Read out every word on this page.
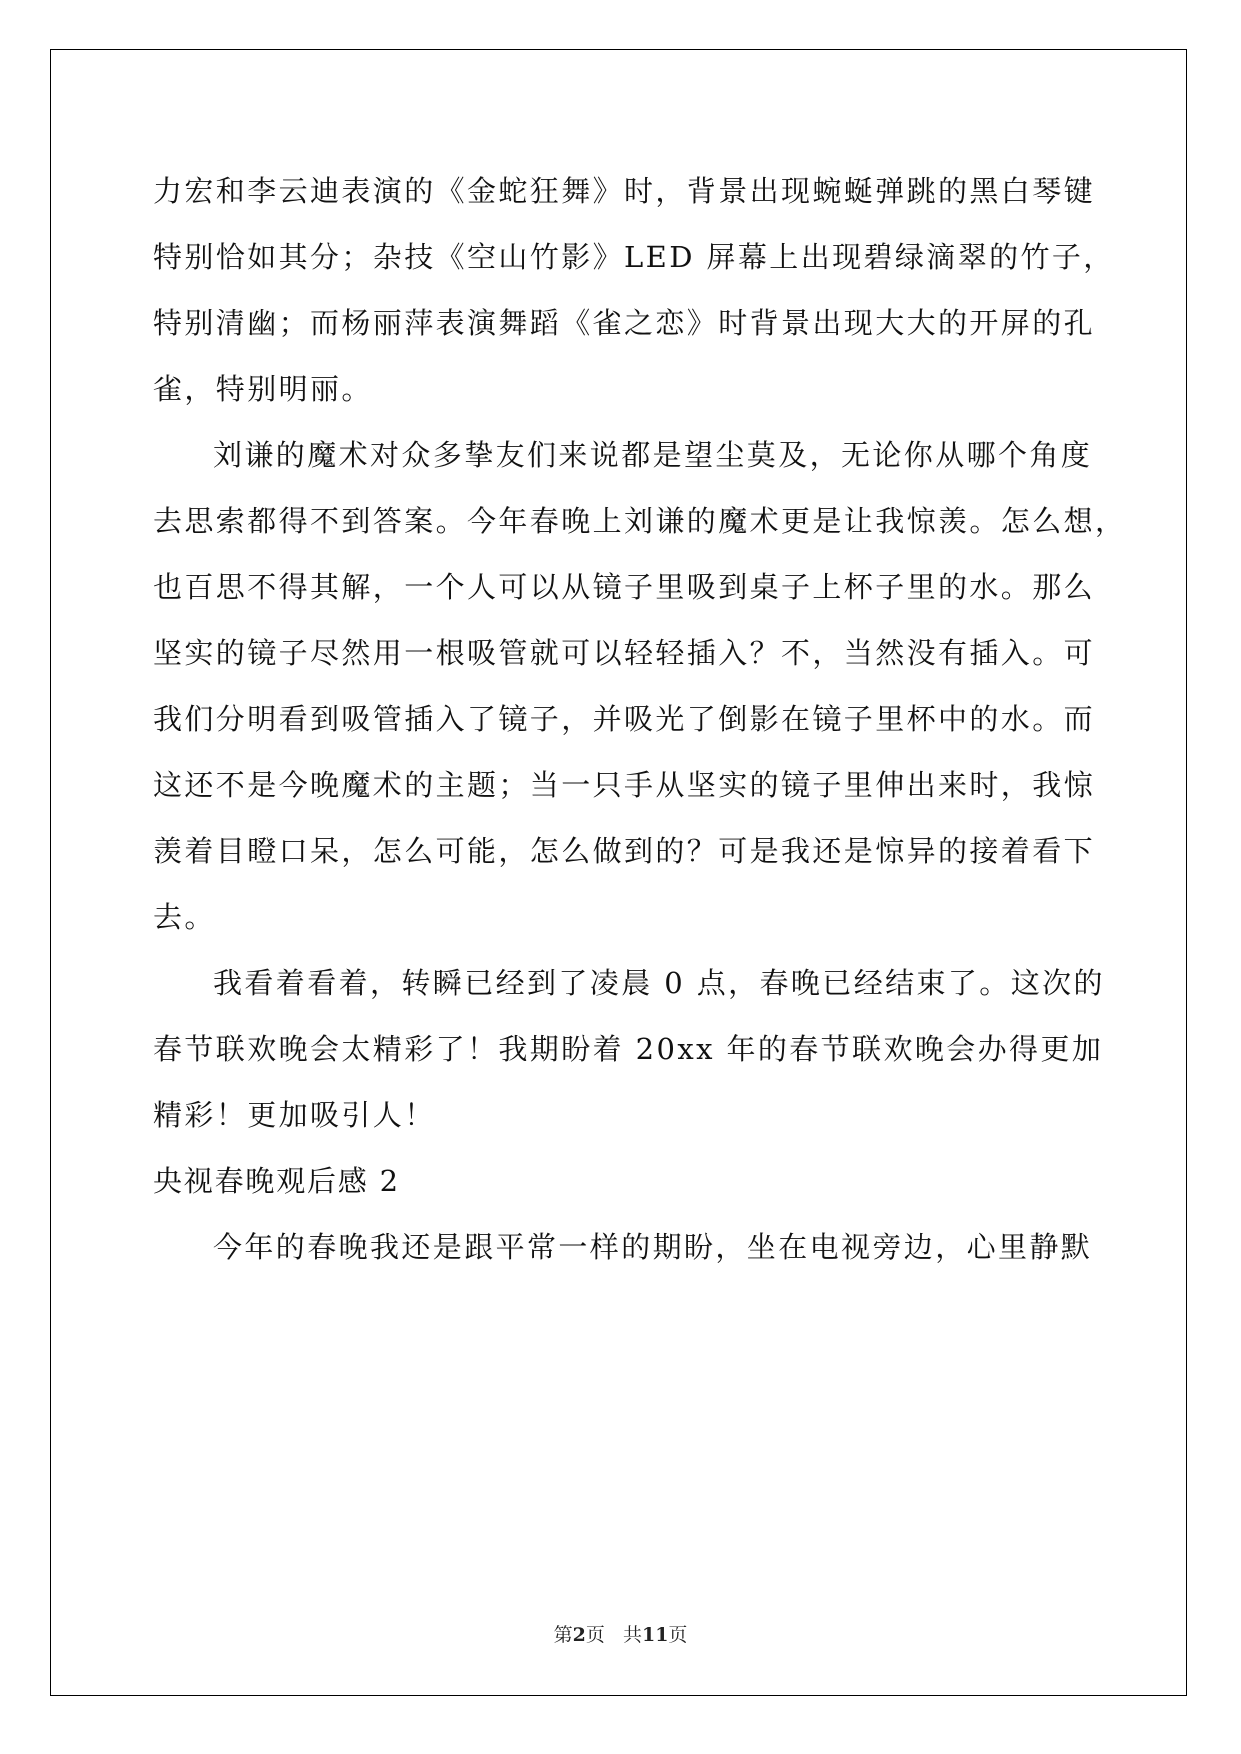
力宏和李云迪表演的《金蛇狂舞》时，背景出现蜿蜒弹跳的黑白琴键
特别恰如其分；杂技《空山竹影》LED 屏幕上出现碧绿滴翠的竹子，
特别清幽；而杨丽萍表演舞蹈《雀之恋》时背景出现大大的开屏的孔
雀，特别明丽。
刘谦的魔术对众多挚友们来说都是望尘莫及，无论你从哪个角度
去思索都得不到答案。今年春晚上刘谦的魔术更是让我惊羡。怎么想，
也百思不得其解，一个人可以从镜子里吸到桌子上杯子里的水。那么
坚实的镜子尽然用一根吸管就可以轻轻插入？不，当然没有插入。可
我们分明看到吸管插入了镜子，并吸光了倒影在镜子里杯中的水。而
这还不是今晚魔术的主题；当一只手从坚实的镜子里伸出来时，我惊
羡着目瞪口呆，怎么可能，怎么做到的？可是我还是惊异的接着看下
去。
我看着看着，转瞬已经到了凌晨 0 点，春晚已经结束了。这次的
春节联欢晚会太精彩了！我期盼着 20xx 年的春节联欢晚会办得更加
精彩！更加吸引人！
央视春晚观后感 2
今年的春晚我还是跟平常一样的期盼，坐在电视旁边，心里静默
第2页 共11页
